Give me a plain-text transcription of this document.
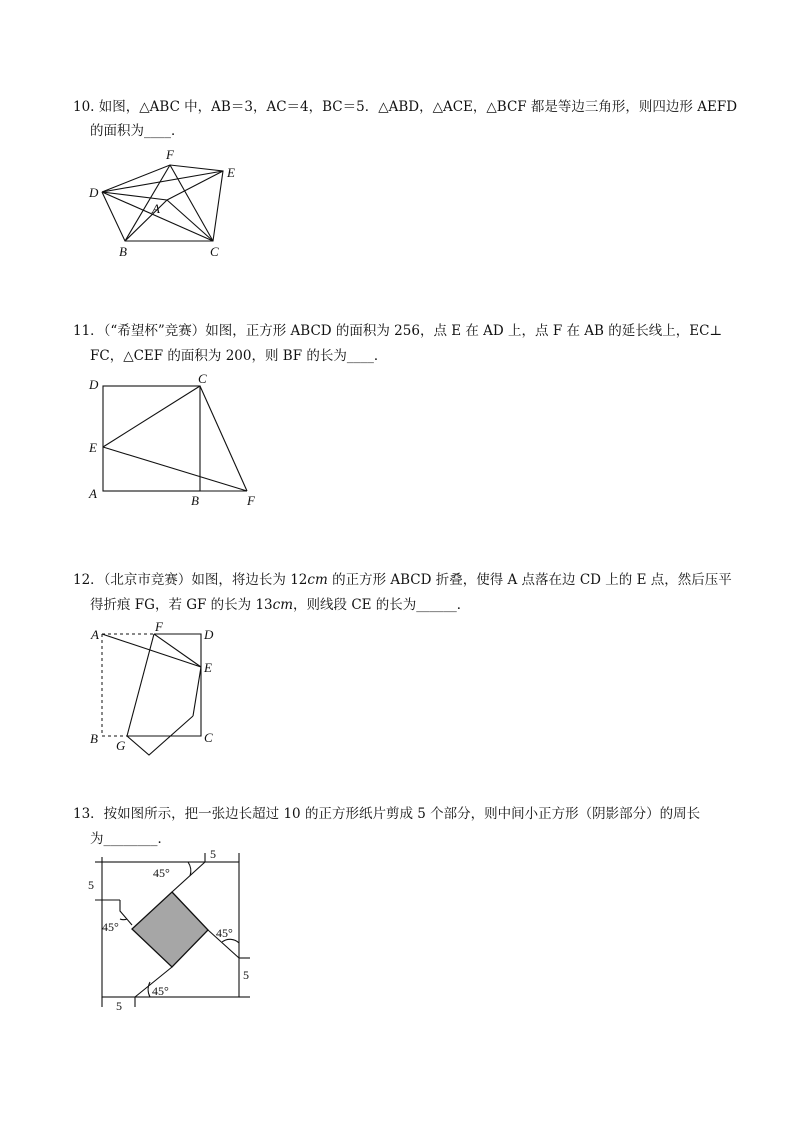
10. 如图，△ABC 中，AB＝3，AC＝4，BC＝5．△ABD，△ACE，△BCF 都是等边三角形，则四边形 AEFD
的面积为____．
D
F
E
A
B	C
11．（“希望杯”竞赛）如图，正方形 ABCD 的面积为 256，点 E 在 AD 上，点 F 在 AB 的延长线上，EC⊥
FC，△CEF 的面积为 200，则 BF 的长为____．
D	C
E
A	B	F
12．（北京市竞赛）如图，将边长为 12cm 的正方形 ABCD 折叠，使得 A 点落在边 CD 上的 E 点，然后压平
得折痕 FG，若 GF 的长为 13cm，则线段 CE 的长为______．
A
F
D
E
B G
C
13．按如图所示，把一张边长超过 10 的正方形纸片剪成 5 个部分，则中间小正方形（阴影部分）的周长
为________．
5
5
5
5
45°
45°	45°
45°
